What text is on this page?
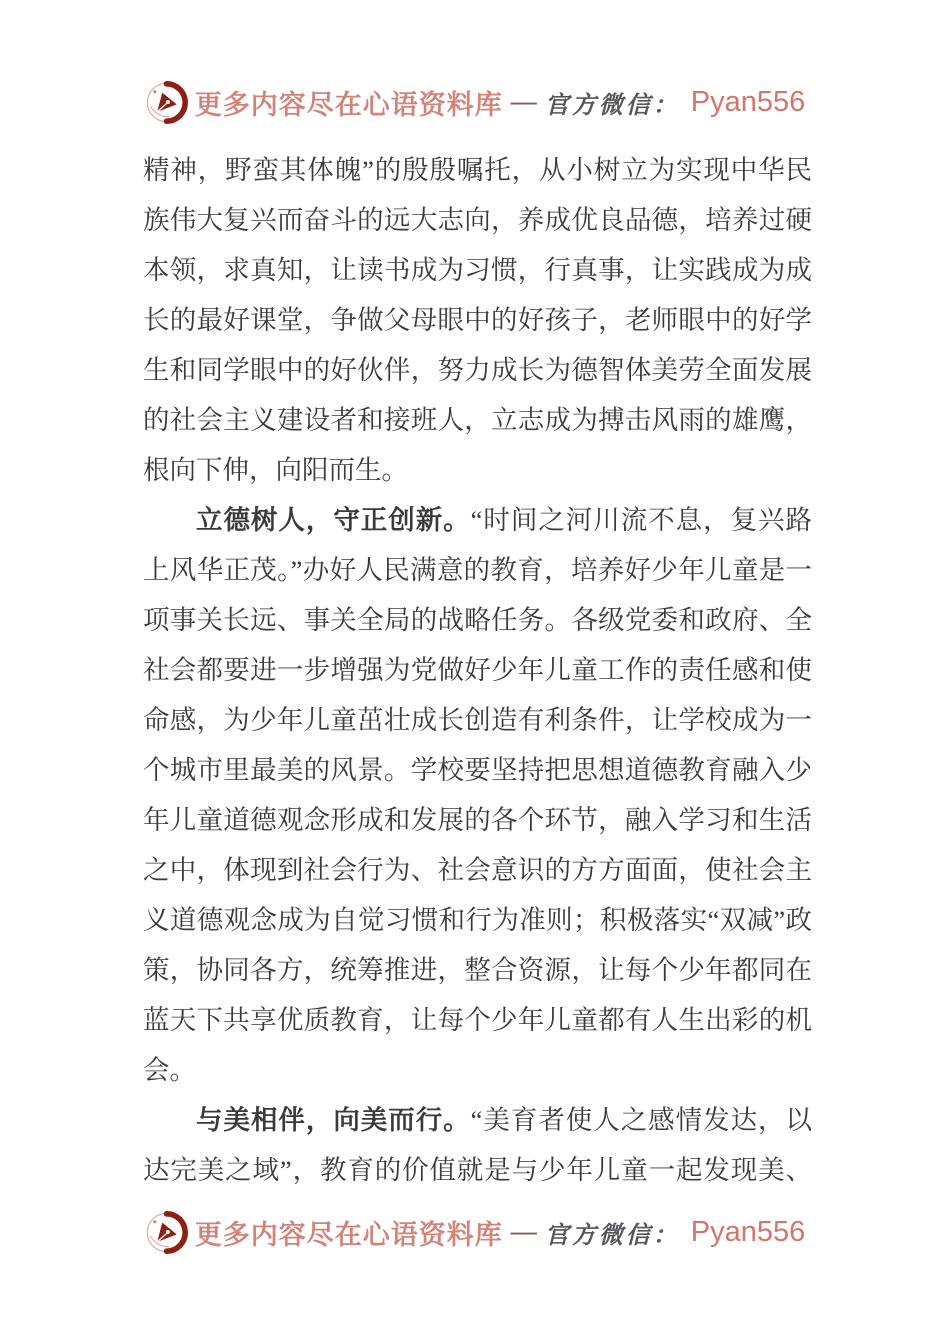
更多内容尽在心语资料库 — 官方微信： Pyan556

精神，野蛮其体魄”的殷殷嘱托，从小树立为实现中华民族伟大复兴而奋斗的远大志向，养成优良品德，培养过硬本领，求真知，让读书成为习惯，行真事，让实践成为成长的最好课堂，争做父母眼中的好孩子，老师眼中的好学生和同学眼中的好伙伴，努力成长为德智体美劳全面发展的社会主义建设者和接班人，立志成为搏击风雨的雄鹰，根向下伸，向阳而生。

立德树人，守正创新。“时间之河川流不息，复兴路上风华正茂。”办好人民满意的教育，培养好少年儿童是一项事关长远、事关全局的战略任务。各级党委和政府、全社会都要进一步增强为党做好少年儿童工作的责任感和使命感，为少年儿童茁壮成长创造有利条件，让学校成为一个城市里最美的风景。学校要坚持把思想道德教育融入少年儿童道德观念形成和发展的各个环节，融入学习和生活之中，体现到社会行为、社会意识的方方面面，使社会主义道德观念成为自觉习惯和行为准则；积极落实“双减”政策，协同各方，统筹推进，整合资源，让每个少年都同在蓝天下共享优质教育，让每个少年儿童都有人生出彩的机会。

与美相伴，向美而行。“美育者使人之感情发达，以达完美之域”，教育的价值就是与少年儿童一起发现美、

更多内容尽在心语资料库 — 官方微信： Pyan556
